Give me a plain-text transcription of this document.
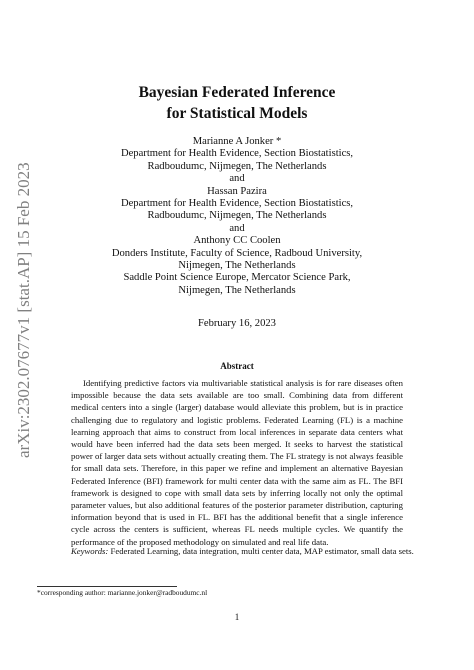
arXiv:2302.07677v1 [stat.AP] 15 Feb 2023
Bayesian Federated Inference
for Statistical Models
Marianne A Jonker *
Department for Health Evidence, Section Biostatistics,
Radboudumc, Nijmegen, The Netherlands
and
Hassan Pazira
Department for Health Evidence, Section Biostatistics,
Radboudumc, Nijmegen, The Netherlands
and
Anthony CC Coolen
Donders Institute, Faculty of Science, Radboud University,
Nijmegen, The Netherlands
Saddle Point Science Europe, Mercator Science Park,
Nijmegen, The Netherlands
February 16, 2023
Abstract

Identifying predictive factors via multivariable statistical analysis is for rare diseases often impossible because the data sets available are too small. Combining data from different medical centers into a single (larger) database would alleviate this problem, but is in practice challenging due to regulatory and logistic problems. Federated Learning (FL) is a machine learning approach that aims to construct from local inferences in separate data centers what would have been inferred had the data sets been merged. It seeks to harvest the statistical power of larger data sets without actually creating them. The FL strategy is not always feasible for small data sets. Therefore, in this paper we refine and implement an alternative Bayesian Federated Inference (BFI) framework for multi center data with the same aim as FL. The BFI framework is designed to cope with small data sets by inferring locally not only the optimal parameter values, but also additional features of the posterior parameter distribution, capturing information beyond that is used in FL. BFI has the additional benefit that a single inference cycle across the centers is sufficient, whereas FL needs multiple cycles. We quantify the performance of the proposed methodology on simulated and real life data.

Keywords: Federated Learning, data integration, multi center data, MAP estimator, small data sets.
*corresponding author: marianne.jonker@radboudumc.nl
1
